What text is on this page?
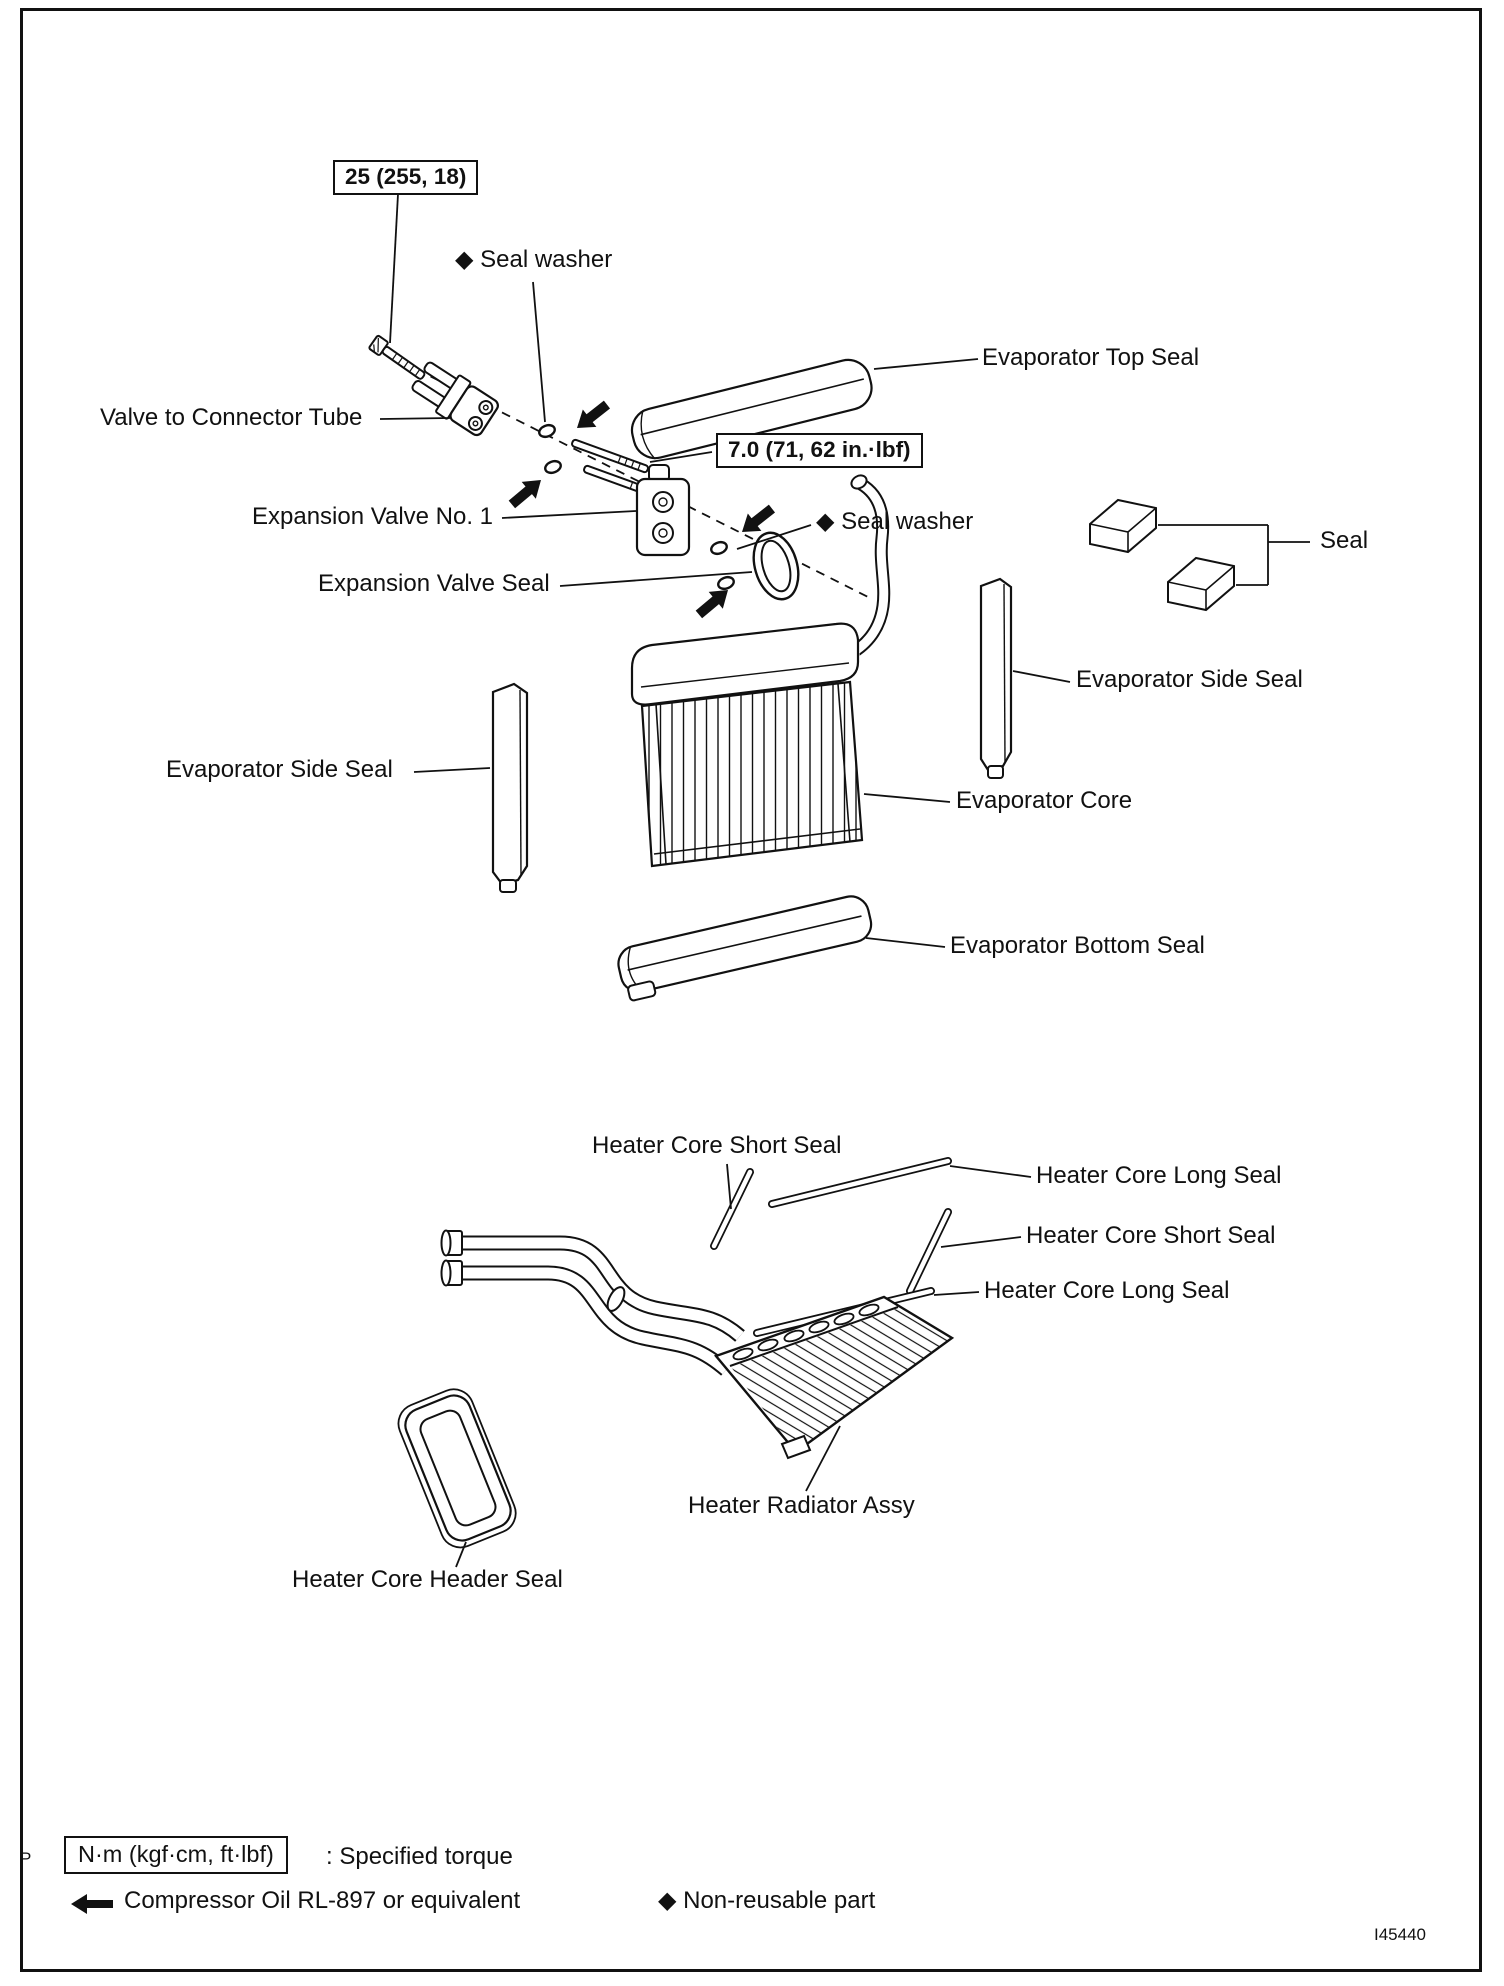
25 (255, 18)
7.0 (71, 62 in.·lbf)
◆ Seal washer
Valve to Connector Tube
Evaporator Top Seal
Expansion Valve No. 1	◆ Seal washer
Seal
Expansion Valve Seal
Evaporator Side Seal
Evaporator Side Seal
Evaporator Core
Evaporator Bottom Seal
Heater Core Short Seal
Heater Core Long Seal
Heater Core Short Seal
Heater Core Long Seal
Heater Radiator Assy
Heater Core Header Seal
N·m (kgf·cm, ft·lbf)	: Specified torque
Compressor Oil RL-897 or equivalent	◆ Non-reusable part
I45440
P
